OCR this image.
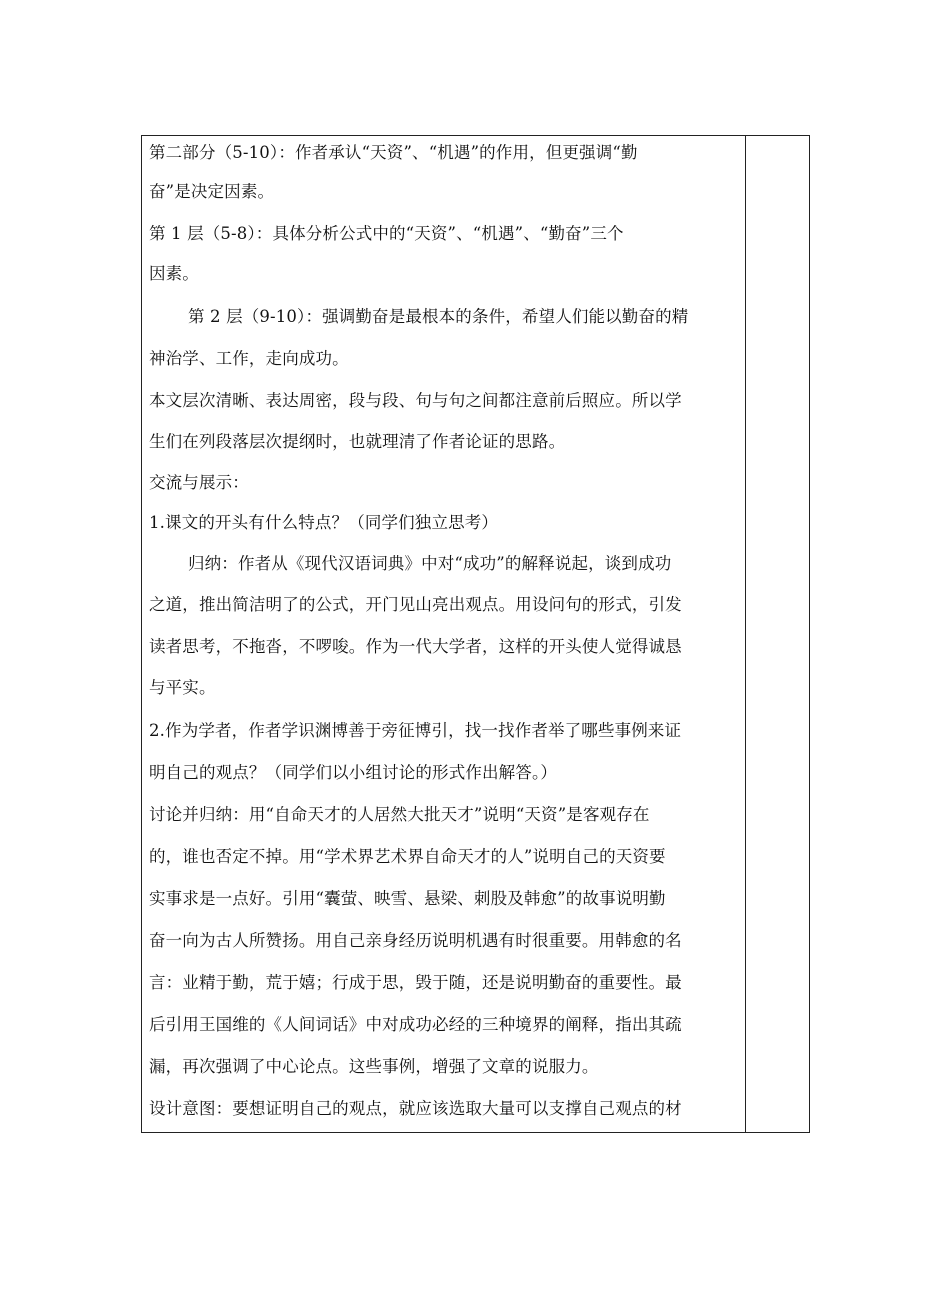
第二部分（5-10）：作者承认“天资”、“机遇”的作用，但更强调“勤
奋”是决定因素。
第 1 层（5-8）：具体分析公式中的“天资”、“机遇”、“勤奋”三个
因素。
第 2 层（9-10）：强调勤奋是最根本的条件，希望人们能以勤奋的精
神治学、工作，走向成功。
本文层次清晰、表达周密，段与段、句与句之间都注意前后照应。所以学
生们在列段落层次提纲时，也就理清了作者论证的思路。
交流与展示：
1.课文的开头有什么特点？（同学们独立思考）
归纳：作者从《现代汉语词典》中对“成功”的解释说起，谈到成功
之道，推出简洁明了的公式，开门见山亮出观点。用设问句的形式，引发
读者思考，不拖沓，不啰唆。作为一代大学者，这样的开头使人觉得诚恳
与平实。
2.作为学者，作者学识渊博善于旁征博引，找一找作者举了哪些事例来证
明自己的观点？（同学们以小组讨论的形式作出解答。）
讨论并归纳：用“自命天才的人居然大批天才”说明“天资”是客观存在
的，谁也否定不掉。用“学术界艺术界自命天才的人”说明自己的天资要
实事求是一点好。引用“囊萤、映雪、悬梁、刺股及韩愈”的故事说明勤
奋一向为古人所赞扬。用自己亲身经历说明机遇有时很重要。用韩愈的名
言：业精于勤，荒于嬉；行成于思，毁于随，还是说明勤奋的重要性。最
后引用王国维的《人间词话》中对成功必经的三种境界的阐释，指出其疏
漏，再次强调了中心论点。这些事例，增强了文章的说服力。
设计意图：要想证明自己的观点，就应该选取大量可以支撑自己观点的材
